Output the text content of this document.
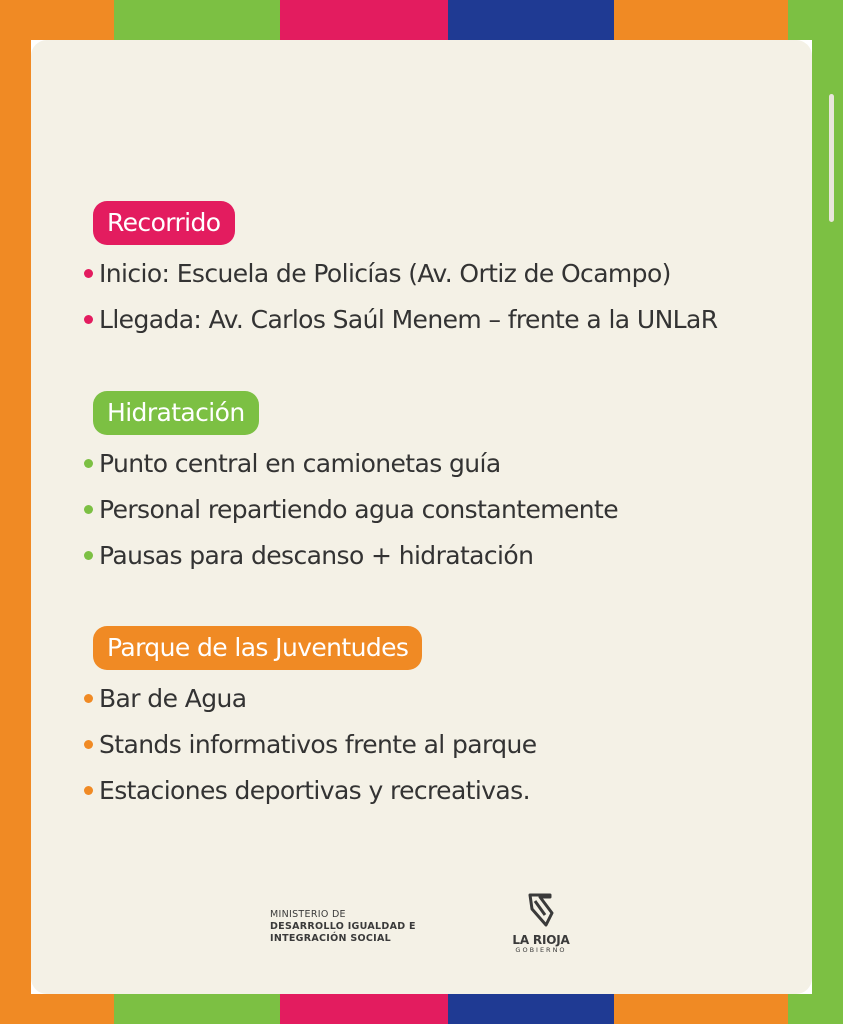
Recorrido
Inicio: Escuela de Policías (Av. Ortiz de Ocampo)
Llegada: Av. Carlos Saúl Menem – frente a la UNLaR
Hidratación
Punto central en camionetas guía
Personal repartiendo agua constantemente
Pausas para descanso + hidratación
Parque de las Juventudes
Bar de Agua
Stands informativos frente al parque
Estaciones deportivas y recreativas.
MINISTERIO DE
DESARROLLO IGUALDAD E
INTEGRACIÓN SOCIAL	LA RIOJA
GOBIERNO
